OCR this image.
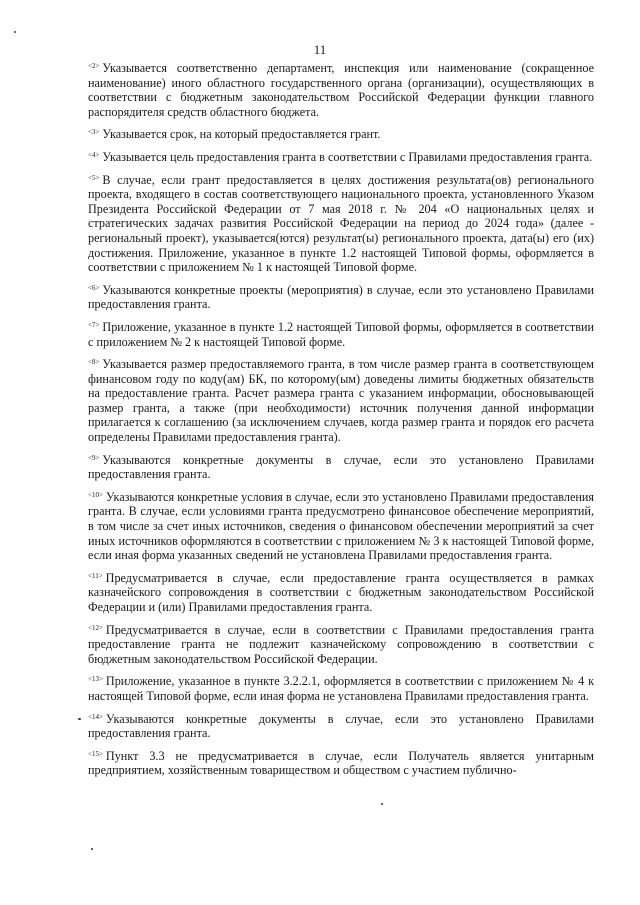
11

$^{<2>}$ Указывается соответственно департамент, инспекция или наименование (сокращенное наименование) иного областного государственного органа (организации), осуществляющих в соответствии с бюджетным законодательством Российской Федерации функции главного распорядителя средств областного бюджета.

$^{<3>}$ Указывается срок, на который предоставляется грант.

$^{<4>}$ Указывается цель предоставления гранта в соответствии с Правилами предоставления гранта.

$^{<5>}$ В случае, если грант предоставляется в целях достижения результата(ов) регионального проекта, входящего в состав соответствующего национального проекта, установленного Указом Президента Российской Федерации от 7 мая 2018 г. № 204 «О национальных целях и стратегических задачах развития Российской Федерации на период до 2024 года» (далее - региональный проект), указывается(ются) результат(ы) регионального проекта, дата(ы) его (их) достижения. Приложение, указанное в пункте 1.2 настоящей Типовой формы, оформляется в соответствии с приложением № 1 к настоящей Типовой форме.

$^{<6>}$ Указываются конкретные проекты (мероприятия) в случае, если это установлено Правилами предоставления гранта.

$^{<7>}$ Приложение, указанное в пункте 1.2 настоящей Типовой формы, оформляется в соответствии с приложением № 2 к настоящей Типовой форме.

$^{<8>}$ Указывается размер предоставляемого гранта, в том числе размер гранта в соответствующем финансовом году по коду(ам) БК, по которому(ым) доведены лимиты бюджетных обязательств на предоставление гранта. Расчет размера гранта с указанием информации, обосновывающей размер гранта, а также (при необходимости) источник получения данной информации прилагается к соглашению (за исключением случаев, когда размер гранта и порядок его расчета определены Правилами предоставления гранта).

$^{<9>}$ Указываются конкретные документы в случае, если это установлено Правилами предоставления гранта.

$^{<10>}$ Указываются конкретные условия в случае, если это установлено Правилами предоставления гранта. В случае, если условиями гранта предусмотрено финансовое обеспечение мероприятий, в том числе за счет иных источников, сведения о финансовом обеспечении мероприятий за счет иных источников оформляются в соответствии с приложением № 3 к настоящей Типовой форме, если иная форма указанных сведений не установлена Правилами предоставления гранта.

$^{<11>}$ Предусматривается в случае, если предоставление гранта осуществляется в рамках казначейского сопровождения в соответствии с бюджетным законодательством Российской Федерации и (или) Правилами предоставления гранта.

$^{<12>}$ Предусматривается в случае, если в соответствии с Правилами предоставления гранта предоставление гранта не подлежит казначейскому сопровождению в соответствии с бюджетным законодательством Российской Федерации.

$^{<13>}$ Приложение, указанное в пункте 3.2.2.1, оформляется в соответствии с приложением № 4 к настоящей Типовой форме, если иная форма не установлена Правилами предоставления гранта.

$^{<14>}$ Указываются конкретные документы в случае, если это установлено Правилами предоставления гранта.

$^{<15>}$ Пункт 3.3 не предусматривается в случае, если Получатель является унитарным предприятием, хозяйственным товариществом и обществом с участием публично-
